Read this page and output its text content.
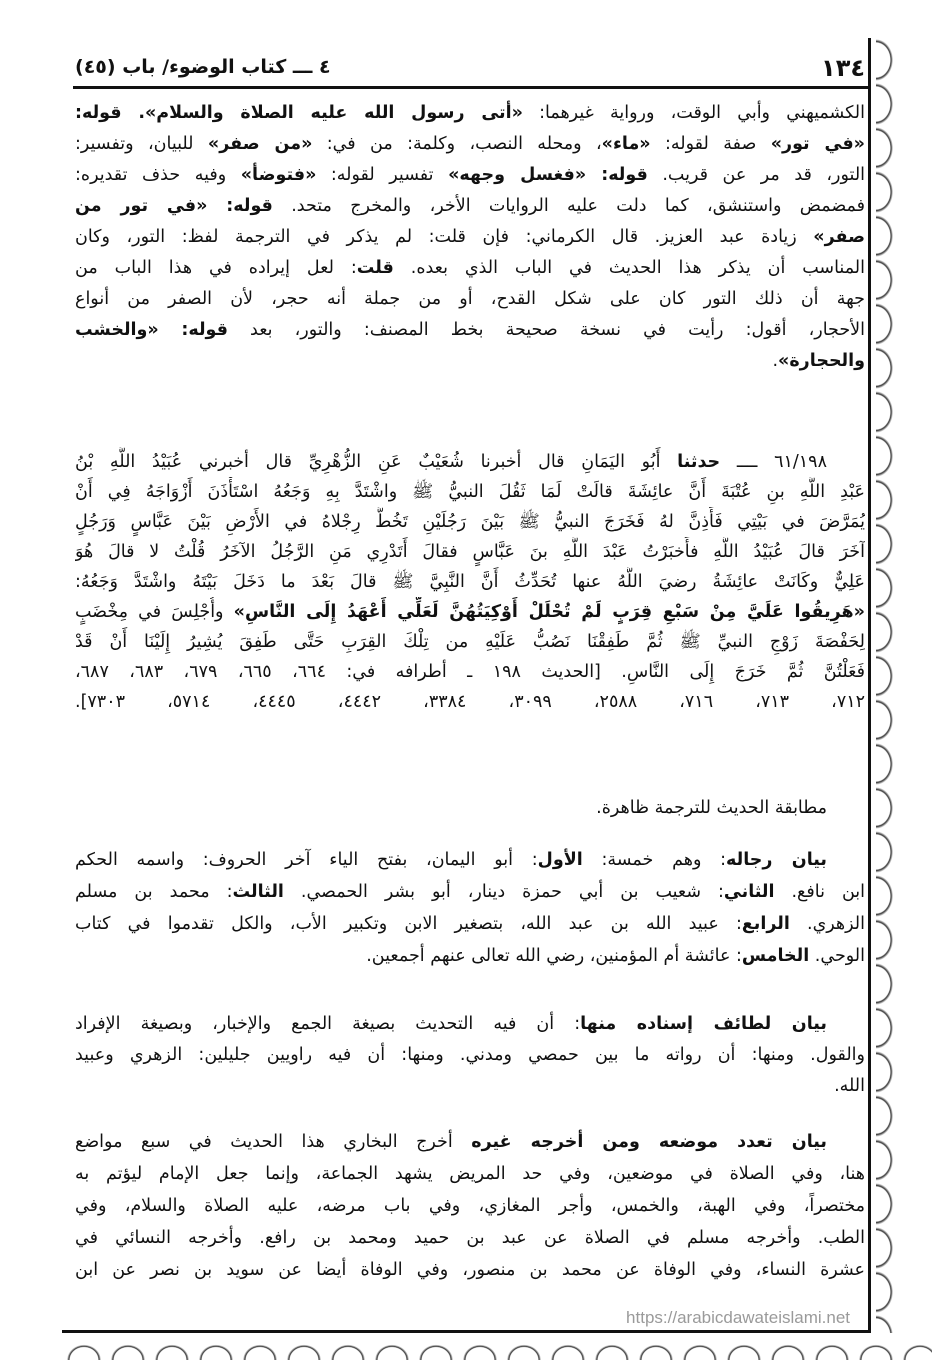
١٣٤
٤ ـــ كتاب الوضوء/ باب (٤٥)
الكشميهني وأبي الوقت، ورواية غيرهما: «أتى رسول الله عليه الصلاة والسلام». قوله:
«في تور» صفة لقوله: «ماء»، ومحله النصب، وكلمة: من في: «من صفر» للبيان، وتفسير:
التور، قد مر عن قريب. قوله: «فغسل وجهه» تفسير لقوله: «فتوضأ» وفيه حذف تقديره:
فمضمض واستنشق، كما دلت عليه الروايات الأخر، والمخرج متحد. قوله: «في تور من
صفر» زيادة عبد العزيز. قال الكرماني: فإن قلت: لم يذكر في الترجمة لفظ: التور، وكان
المناسب أن يذكر هذا الحديث في الباب الذي بعده. قلت: لعل إيراده في هذا الباب من
جهة أن ذلك التور كان على شكل القدح، أو من جملة أنه حجر، لأن الصفر من أنواع
الأحجار، أقول: رأيت في نسخة صحيحة بخط المصنف: والتور، بعد قوله: «والخشب
والحجارة».
٦١/١٩٨ ــــ حدثنا أَبُو اليَمَانِ قال أخبرنا شُعَيْبٌ عَنِ الزُّهْرِيِّ قال أخبرني عُبَيْدُ اللَّهِ بْنُ
عَبْدِ اللَّهِ بنِ عُتْبَةَ أَنَّ عائِشَةَ قالَتْ لَمَا ثَقُلَ النبيُّ ﷺ واشْتَدَّ بِهِ وَجَعُهُ اسْتَأْذَنَ أَزْوَاجَهُ فِي أَنْ
يُمَرَّضَ في بَيْتِي فَأَذِنَّ لهُ فَخَرَجَ النبيُّ ﷺ بَيْنَ رَجُلَيْنِ تَخُطُّ رِجْلاهُ في الأَرْضِ بَيْنَ عَبَّاسٍ وَرَجُلٍ
آخَرَ قالَ عُبَيْدُ اللَّهِ فأَخبَرْتُ عَبْدَ اللَّهِ بنَ عَبَّاسٍ فقالَ أَتَدْرِي مَنِ الرَّجُلُ الآخَرُ قُلْتُ لا قالَ هُوَ
عَلِيٌّ وكَانَتْ عائِشَةُ رضيَ اللَّهُ عنها تُحَدِّثُ أَنَّ النَّبِيَّ ﷺ قالَ بَعْدَ ما دَخَلَ بَيْتَهُ واشْتَدَّ وَجَعُهُ:
«هَرِيقُوا عَلَيَّ مِنْ سَبْعِ قِرَبٍ لَمْ تُحْلَلْ أَوْكِيَتُهُنَّ لَعَلِّي أَعْهَدُ إِلَى النَّاسِ» وأُجْلِسَ في مِخْضَبٍ
لِحَفْصَةَ زَوْجِ النبيِّ ﷺ ثُمَّ طَفِقْنَا نَصُبُّ عَلَيْهِ من تِلْكَ القِرَبِ حَتَّى طَفِقَ يُشِيرُ إِلَيْنَا أَنْ قَدْ
فَعَلْتُنَّ ثُمَّ خَرَجَ إِلَى النَّاسِ. [الحديث ١٩٨ ـ أطرافه في: ٦٦٤، ٦٦٥، ٦٧٩، ٦٨٣، ٦٨٧،
٧١٢، ٧١٣، ٧١٦، ٢٥٨٨، ٣٠٩٩، ٣٣٨٤، ٤٤٤٢، ٤٤٤٥، ٥٧١٤، ٧٣٠٣].
مطابقة الحديث للترجمة ظاهرة.
بيان رجاله: وهم خمسة: الأول: أبو اليمان، بفتح الياء آخر الحروف: واسمه الحكم
ابن نافع. الثاني: شعيب بن أبي حمزة دينار، أبو بشر الحمصي. الثالث: محمد بن مسلم
الزهري. الرابع: عبيد الله بن عبد الله، بتصغير الابن وتكبير الأب، والكل تقدموا في كتاب
الوحي. الخامس: عائشة أم المؤمنين، رضي الله تعالى عنهم أجمعين.
بيان لطائف إسناده منها: أن فيه التحديث بصيغة الجمع والإخبار، وبصيغة الإفراد
والقول. ومنها: أن رواته ما بين حمصي ومدني. ومنها: أن فيه راويين جليلين: الزهري وعبيد
الله.
بيان تعدد موضعه ومن أخرجه غيره أخرج البخاري هذا الحديث في سبع مواضع
هنا، وفي الصلاة في موضعين، وفي حد المريض يشهد الجماعة، وإنما جعل الإمام ليؤتم به
مختصراً، وفي الهبة، والخمس، وأجر المغازي، وفي باب مرضه، عليه الصلاة والسلام، وفي
الطب. وأخرجه مسلم في الصلاة عن عبد بن حميد ومحمد بن رافع. وأخرجه النسائي في
عشرة النساء، وفي الوفاة عن محمد بن منصور، وفي الوفاة أيضا عن سويد بن نصر عن ابن
https://arabicdawateislami.net
